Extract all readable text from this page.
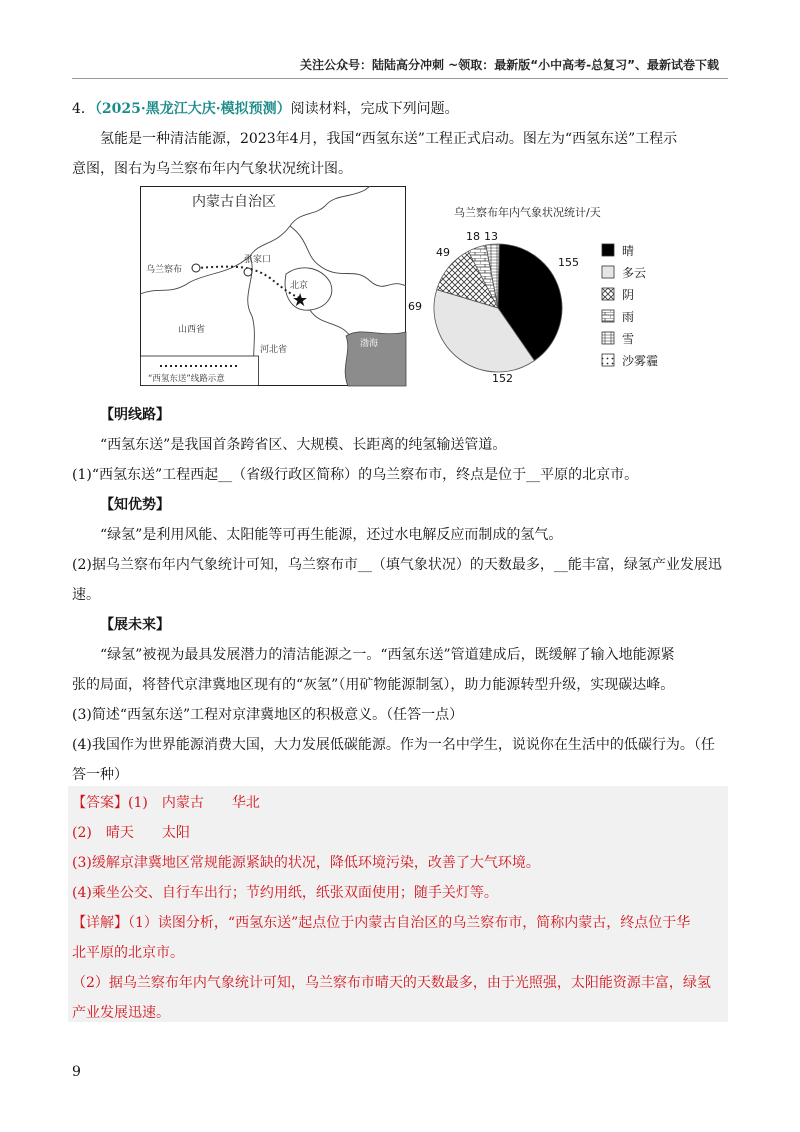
关注公众号：陆陆高分冲刺 ~领取：最新版“小中高考-总复习”、最新试卷下载
4．（2025·黑龙江大庆·模拟预测）阅读材料，完成下列问题。
氢能是一种清洁能源，2023年4月，我国“西氢东送”工程正式启动。图左为“西氢东送”工程示
意图，图右为乌兰察布年内气象状况统计图。
★
内蒙古自治区
乌兰察布
张家口
北京
山西省
河北省
渤海
“西氢东送”线路示意
69
乌兰察布年内气象状况统计/天
155
152
49
18 13
晴
多云
阴
雨
雪
沙雾霾
【明线路】
“西氢东送”是我国首条跨省区、大规模、长距离的纯氢输送管道。
(1)“西氢东送”工程西起__（省级行政区简称）的乌兰察布市，终点是位于__平原的北京市。
【知优势】
“绿氢”是利用风能、太阳能等可再生能源，还过水电解反应而制成的氢气。
(2)据乌兰察布年内气象统计可知，乌兰察布市__（填气象状况）的天数最多，__能丰富，绿氢产业发展迅
速。
【展未来】
“绿氢”被视为最具发展潜力的清洁能源之一。“西氢东送”管道建成后，既缓解了输入地能源紧
张的局面，将替代京津冀地区现有的“灰氢”（用矿物能源制氢），助力能源转型升级，实现碳达峰。
(3)简述“西氢东送”工程对京津冀地区的积极意义。（任答一点）
(4)我国作为世界能源消费大国，大力发展低碳能源。作为一名中学生，说说你在生活中的低碳行为。（任
答一种）
【答案】(1)　内蒙古　　华北
(2)　晴天　　太阳
(3)缓解京津冀地区常规能源紧缺的状况，降低环境污染，改善了大气环境。
(4)乘坐公交、自行车出行；节约用纸，纸张双面使用；随手关灯等。
【详解】（1）读图分析，“西氢东送”起点位于内蒙古自治区的乌兰察布市，简称内蒙古，终点位于华
北平原的北京市。
（2）据乌兰察布年内气象统计可知，乌兰察布市晴天的天数最多，由于光照强，太阳能资源丰富，绿氢
产业发展迅速。
9
